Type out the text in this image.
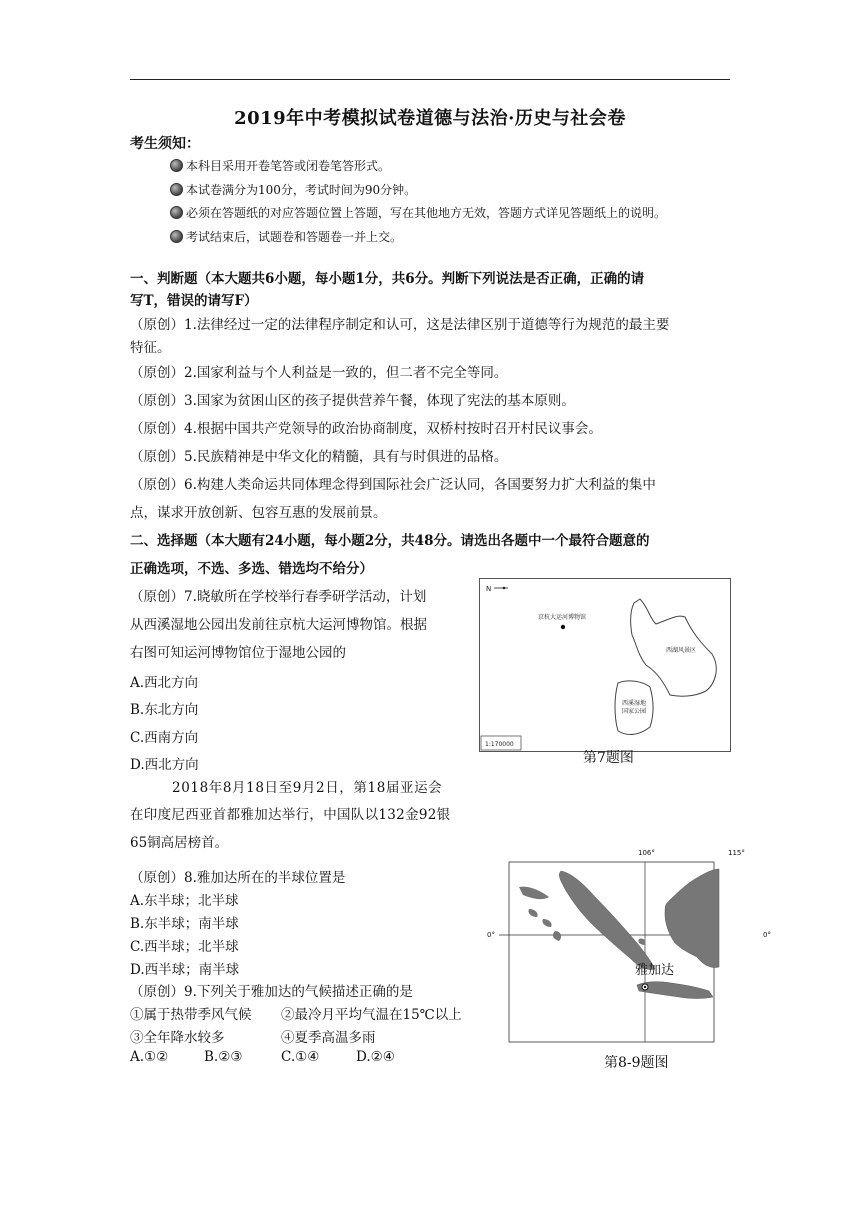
2019年中考模拟试卷道德与法治·历史与社会卷
考生须知：
本科目采用开卷笔答或闭卷笔答形式。
本试卷满分为100分，考试时间为90分钟。
必须在答题纸的对应答题位置上答题，写在其他地方无效，答题方式详见答题纸上的说明。
考试结束后，试题卷和答题卷一并上交。
一、判断题（本大题共6小题，每小题1分，共6分。判断下列说法是否正确，正确的请
写T，错误的请写F）
（原创）1.法律经过一定的法律程序制定和认可，这是法律区别于道德等行为规范的最主要
特征。
（原创）2.国家利益与个人利益是一致的，但二者不完全等同。
（原创）3.国家为贫困山区的孩子提供营养午餐，体现了宪法的基本原则。
（原创）4.根据中国共产党领导的政治协商制度，双桥村按时召开村民议事会。
（原创）5.民族精神是中华文化的精髓，具有与时俱进的品格。
（原创）6.构建人类命运共同体理念得到国际社会广泛认同，各国要努力扩大利益的集中
点，谋求开放创新、包容互惠的发展前景。
二、选择题（本大题有24小题，每小题2分，共48分。请选出各题中一个最符合题意的
正确选项，不选、多选、错选均不给分）
（原创）7.晓敏所在学校举行春季研学活动，计划
从西溪湿地公园出发前往京杭大运河博物馆。根据
右图可知运河博物馆位于湿地公园的
A.西北方向
B.东北方向
C.西南方向
D.西北方向
N
京杭大运河博物馆
西湖风景区
西溪湿地
国家公园
1:170000
第7题图
2018年8月18日至9月2日，第18届亚运会
在印度尼西亚首都雅加达举行，中国队以132金92银
65铜高居榜首。
（原创）8.雅加达所在的半球位置是
A.东半球；北半球
B.东半球；南半球
C.西半球；北半球
D.西半球；南半球
（原创）9.下列关于雅加达的气候描述正确的是
①属于热带季风气候 ②最冷月平均气温在15℃以上
③全年降水较多	④夏季高温多雨
A.①②	B.②③	C.①④	D.②④
雅加达
106°	115°
0°	0°
第8-9题图
